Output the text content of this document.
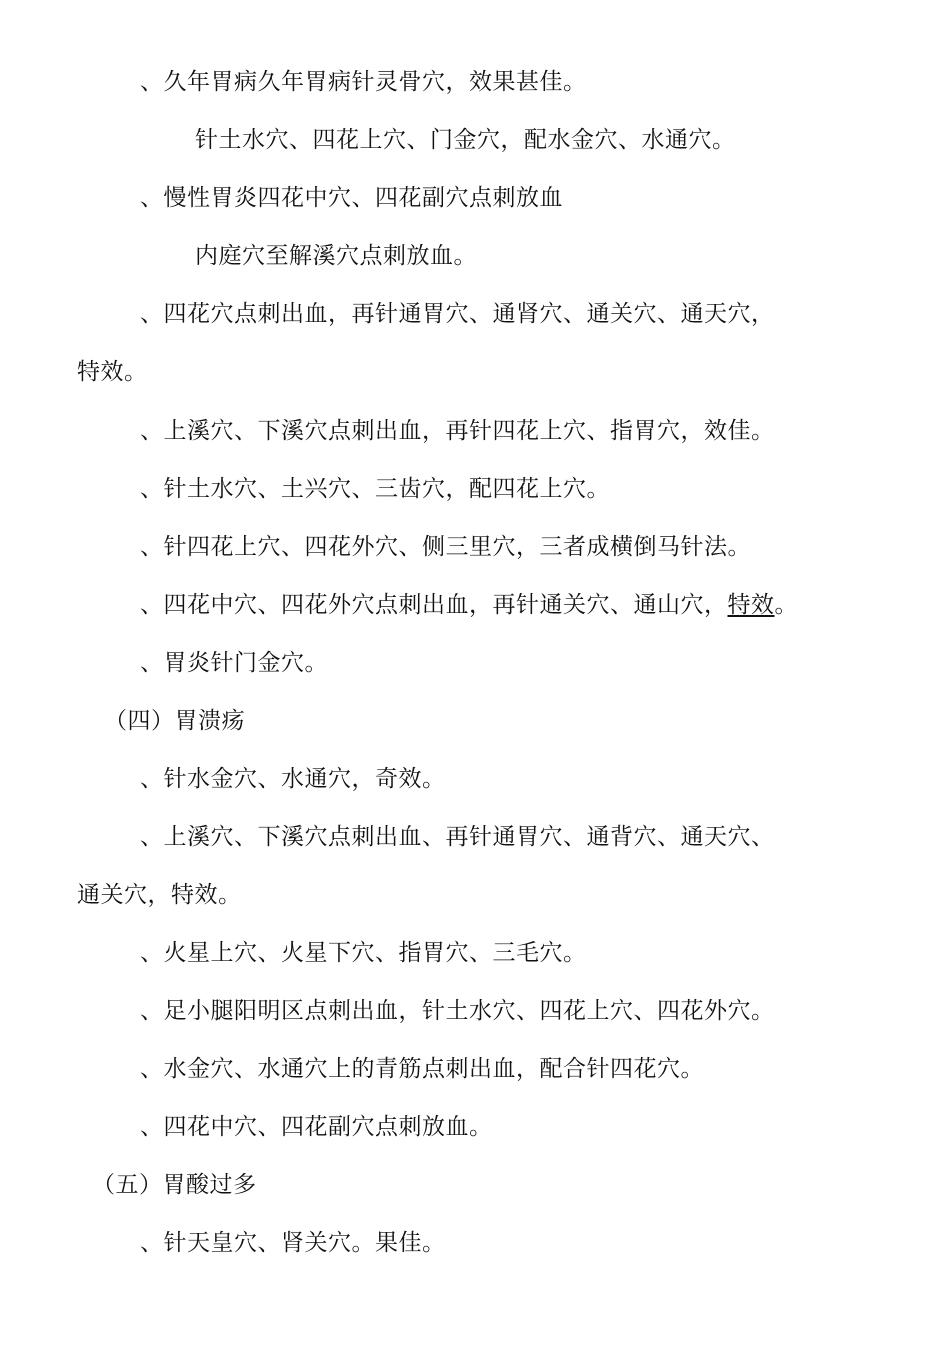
、久年胃病久年胃病针灵骨穴，效果甚佳。
针土水穴、四花上穴、门金穴，配水金穴、水通穴。
、慢性胃炎四花中穴、四花副穴点刺放血
内庭穴至解溪穴点刺放血。
、四花穴点刺出血，再针通胃穴、通肾穴、通关穴、通天穴，
特效。
、上溪穴、下溪穴点刺出血，再针四花上穴、指胃穴，效佳。
、针土水穴、土兴穴、三齿穴，配四花上穴。
、针四花上穴、四花外穴、侧三里穴，三者成横倒马针法。
、四花中穴、四花外穴点刺出血，再针通关穴、通山穴，特效。
、胃炎针门金穴。
（四）胃溃疡
、针水金穴、水通穴，奇效。
、上溪穴、下溪穴点刺出血、再针通胃穴、通背穴、通天穴、
通关穴，特效。
、火星上穴、火星下穴、指胃穴、三毛穴。
、足小腿阳明区点刺出血，针土水穴、四花上穴、四花外穴。
、水金穴、水通穴上的青筋点刺出血，配合针四花穴。
、四花中穴、四花副穴点刺放血。
（五）胃酸过多
、针天皇穴、肾关穴。果佳。
